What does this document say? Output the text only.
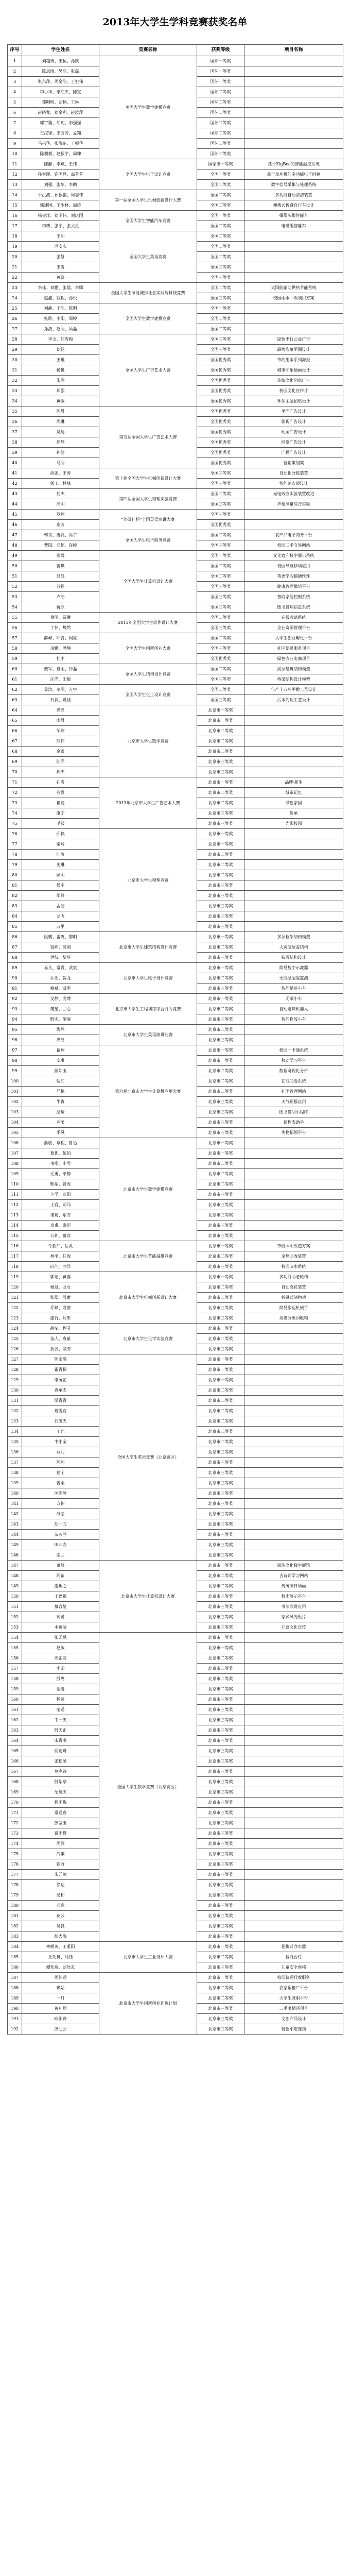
2013年大学生学科竞赛获奖名单
序号	学生姓名	竞赛名称	获奖等级	项目名称
1	刘超博、王恒、孙凯	美国大学生数学建模竞赛	国际一等奖	
2	陈思雨、吴浩、张磊		国际一等奖	
3	张东萍、周金浩、王宏伟		国际一等奖	
4	李小丰、李红杰、陈宝		国际二等奖	
5	邹明明、刘楠、王琳		国际二等奖	
6	赵晓龙、刘金利、赵汝萍		国际二等奖	
7	郭宇翔、胡珂、李强强		国际二等奖	
8	王汉锋、王芳芳、孟翔		国际二等奖	
9	马兴华、张海东、王振华		国际二等奖	
10	陈利利、赵振宇、周坤		国际二等奖	
11	陈静、李斌、王伟	全国大学生电子设计竞赛	国家级一等奖	基于ZigBee的智能温控系统
12	孙春晖、许国昌、高芳芳		全国一等奖	基于单片机的多功能电子时钟
13	刘强、张华、李鹏		全国二等奖	数字信号采集与处理系统
14	于洪波、孙振鹏、周志伟	第一届全国大学生机械创新设计大赛	全国二等奖	多功能自动清洁装置
15	郭建国、王少林、周涛		全国二等奖	便携式折叠自行车设计
16	杨金洋、刘明伟、刘庆国	全国大学生智能汽车竞赛	全国一等奖	摄像头组智能车
17	李博、张宁、张文星		全国二等奖	电磁组智能车
18	王利	全国大学生英语竞赛	全国二等奖	
19	冯安庆		全国二等奖	
20	张慧		全国二等奖	
21	王雪		全国三等奖	
22	黄晓		全国三等奖	
23	李佳、刘鹏、张晨、李娜	全国大学生节能减排社会实践与科技竞赛	全国二等奖	太阳能辅助供热节能系统
24	赵鑫、钱程、孙悦		全国三等奖	校园雨水回收利用方案
25	刘静、王浩、陈明	全国大学生数学建模竞赛	全国一等奖	
26	张欣、李阳、周婷		全国二等奖	
27	孙浩、赵丽、吴磊		全国二等奖	
28	李文、何雪梅	全国大学生广告艺术大赛	全国三等奖	绿色出行公益广告
29	刘畅		全国三等奖	品牌形象平面设计
30	王曦		全国优秀奖	节约用水系列海报
31	杨帆		全国优秀奖	城市印象插画设计
32	朱丽		全国优秀奖	传统文化创意广告
33	郑强		全国优秀奖	校园文化宣传片
34	黄敏		全国优秀奖	环保主题招贴设计
35	陈晨	第五届全国大学生广告艺术大赛	全国优秀奖	平面广告设计
36	周琳		全国优秀奖	影视广告设计
37	吴迪		全国优秀奖	动画广告设计
38	徐静		全国优秀奖	网络广告设计
39	孙健		全国优秀奖	广播广告设计
40	马丽		全国优秀奖	营销策划案
41	胡强、王涛	第十届全国大学生机械创新设计大赛	全国三等奖	自动化分拣装置
42	郭玉、林峰		全国三等奖	智能晾衣架设计
43	何杰	第四届全国大学生物理实验竞赛	全国二等奖	光电效应实验装置改进
44	高明		全国三等奖	声速测量综合实验
45	罗婷	“外研社杯”全国英语演讲大赛	全国三等奖	
46	谢芳		全国优秀奖	
47	韩雪、唐磊、冯宇	全国大学生电子商务竞赛	全国二等奖	农产品电子商务平台
48	曹阳、邓超、许婷		全国三等奖	校园二手交易网站
49	彭博	全国大学生计算机设计大赛	全国一等奖	文化遗产数字展示系统
50	曾琪		全国二等奖	校园导航移动应用
51	吕凯		全国二等奖	英语学习辅助软件
52	苏扬		全国三等奖	健康管理微信平台
53	卢浩		全国三等奖	智能家居控制系统
54	蒋欣		全国三等奖	图书管理信息系统
55	蔡明、贾琳	2013年全国大学生软件设计大赛	全国二等奖	在线考试系统
56	丁伟、魏然		全国三等奖	企业资源管理平台
57	薛峰、叶青、阎亮	全国大学生创新创业大赛	全国二等奖	大学生创业孵化平台
58	余鹏、潘静		全国三等奖	社区便民服务项目
59	杜宇		全国优秀奖	绿色农业电商项目
60	戴军、夏雨、钟磊	全国大学生结构设计竞赛	全国二等奖	高层建筑结构模型
61	汪洋、田甜		全国三等奖	桥梁结构设计模型
62	姜涛、范丽、方宇	全国大学生化工设计竞赛	全国二等奖	年产十万吨甲醇工艺设计
63	石磊、姚佳		全国三等奖	污水处理工艺设计
64	谭亮	北京市大学生数学竞赛	北京市一等奖	
65	廖晨		北京市一等奖	
66	邹婷		北京市二等奖	
67	熊伟		北京市二等奖	
68	金鑫		北京市二等奖	
69	陆洋		北京市三等奖	
70	郝杰		北京市三等奖	
71	孔雪	2013年北京市大学生广告艺术大赛	北京市一等奖	品牌·新生
72	白露		北京市二等奖	城市记忆
73	崔健		北京市二等奖	绿色家园
74	康宁		北京市三等奖	传承
75	毛毅		北京市三等奖	光影校园
76	邱枫	北京市大学生物理竞赛	北京市一等奖	
77	秦岭		北京市一等奖	
78	江涛		北京市二等奖	
79	史琳		北京市二等奖	
80	顾明		北京市二等奖	
81	侯宇		北京市三等奖	
82	邵峰		北京市三等奖	
83	孟洁		北京市三等奖	
84	龙飞		北京市三等奖	
85	万里		北京市三等奖	
86	段鹏、雷鸣、黎明	北京市大学生建筑结构设计竞赛	北京市一等奖	多层框架结构模型
87	钱坤、汤圆		北京市二等奖	大跨度屋盖结构
88	尹航、黎华		北京市三等奖	抗震结构设计
89	易凡、常青、武斌	北京市大学生电子设计竞赛	北京市一等奖	简易数字示波器
90	乔治、贺龙		北京市二等奖	无线温湿度监测
91	赖斌、龚平		北京市三等奖	智能循迹小车
92	文静、庞博	北京市大学生工程训练综合能力竞赛	北京市一等奖	无碳小车
93	樊星、兰心		北京市二等奖	自动避障机器人
94	殷实、施展		北京市三等奖	智能物流小车
95	陶然	北京市大学生英语演讲比赛	北京市二等奖	
96	洪亮		北京市三等奖	
97	翟翔	第六届北京市大学生计算机应用大赛	北京市一等奖	校园一卡通系统
98	安琪		北京市一等奖	移动学习平台
99	颜如玉		北京市二等奖	数据可视化分析
100	倪红		北京市二等奖	在线问卷系统
101	严格		北京市二等奖	社团管理网站
102	牛犇		北京市三等奖	天气预报应用
103	温暖		北京市三等奖	图书借阅小程序
104	芦苇		北京市三等奖	课程表助手
105	季风		北京市三等奖	失物招领平台
106	俞敏、章程、鲁迅	北京市大学生数学建模竞赛	北京市一等奖	
107	葛优、伍佰		北京市一等奖	
108	韦唯、申雪		北京市二等奖	
109	尤勇、柴静		北京市二等奖	
110	靳东、管虎		北京市二等奖	
111	卜学、欧阳		北京市三等奖	
112	上官、司马		北京市三等奖	
113	诸葛、东方		北京市三等奖	
114	皇甫、尉迟		北京市三等奖	
115	公孙、慕容		北京市三等奖	
116	令狐冲、岳灵	北京市大学生节能减排竞赛	北京市一等奖	节能照明改造方案
117	林平、任盈		北京市二等奖	余热回收装置
118	向问、曲洋		北京市三等奖	校园节水系统
119	郭靖、黄蓉	北京市大学生机械创新设计大赛	北京市一等奖	多功能助老轮椅
120	杨过、龙女		北京市二等奖	自动浇花装置
121	张翠、殷素		北京市二等奖	折叠式储物架
122	乔峰、段誉		北京市三等奖	简易搬运机械手
123	虚竹、阿朱		北京市三等奖	垃圾分类回收箱
124	胡斐、程灵	北京市大学生化学实验竞赛	北京市一等奖	
125	苗人、袁紫		北京市二等奖	
126	狄云、戚芳		北京市三等奖	
127	陈家洛	全国大学生英语竞赛（北京赛区）	北京市一等奖	
128	霍青桐		北京市一等奖	
129	李沅芷		北京市一等奖	
130	袁承志		北京市二等奖	
131	温青青		北京市二等奖	
132	夏雪宜		北京市二等奖	
133	石破天		北京市二等奖	
134	丁珰		北京市二等奖	
135	韦小宝		北京市二等奖	
136	双儿		北京市三等奖	
137	阿珂		北京市三等奖	
138	建宁		北京市三等奖	
139	曾柔		北京市三等奖	
140	沐剑屏		北京市三等奖	
141	方怡		北京市三等奖	
142	苏荃		北京市三等奖	
143	胡一刀		北京市三等奖	
144	苗若兰		北京市三等奖	
145	田归农		北京市三等奖	
146	南兰		北京市三等奖	
147	萧峰	北京市大学生计算机设计大赛	北京市一等奖	民族文化数字展馆
148	阿紫		北京市二等奖	古诗词学习网站
149	游坦之		北京市二等奖	传统节日动画
150	王语嫣		北京市三等奖	校史展示平台
151	慕容复		北京市三等奖	书法欣赏应用
152	钟灵		北京市三等奖	家乡风光短片
153	木婉清		北京市三等奖	非遗文化宣传
154	张无忌	全国大学生数学竞赛（北京赛区）	北京市一等奖	
155	赵敏		北京市一等奖	
156	周芷若		北京市二等奖	
157	小昭		北京市二等奖	
158	殷离		北京市二等奖	
159	谢逊		北京市二等奖	
160	杨逍		北京市三等奖	
161	范遥		北京市三等奖	
162	韦一笑		北京市三等奖	
163	殷天正		北京市三等奖	
164	宋青书		北京市三等奖	
165	俞莲舟		北京市三等奖	
166	张松溪		北京市三等奖	
167	莫声谷		北京市三等奖	
168	殷梨亭		北京市三等奖	
169	纪晓芙		北京市三等奖	
170	杨不悔		北京市三等奖	
171	常遇春		北京市三等奖	
172	彭莹玉		北京市三等奖	
173	说不得		北京市三等奖	
174	周颠		北京市三等奖	
175	冷谦		北京市三等奖	
176	铁冠		北京市三等奖	
177	朱元璋		北京市三等奖	
178	徐达		北京市三等奖	
179	汤和		北京市三等奖	
180	邓愈		北京市三等奖	
181	花云		北京市三等奖	
182	吴良		北京市三等奖	
183	胡大海		北京市三等奖	
184	林朝英、王重阳	北京市大学生工业设计大赛	北京市一等奖	便携式净水器
185	丘处机、马钰		北京市二等奖	智能台灯
186	谭处端、刘处玄		北京市三等奖	儿童安全座椅
187	周伯通	北京市大学生创新创业训练计划	北京市一等奖	校园快递代收服务
188	瑛姑		北京市二等奖	农家乐推广平台
189	一灯		北京市二等奖	大学生兼职平台
190	黄药师		北京市三等奖	二手书循环项目
191	欧阳锋		北京市三等奖	文创产品设计
192	洪七公		北京市三等奖	特色小吃连锁
